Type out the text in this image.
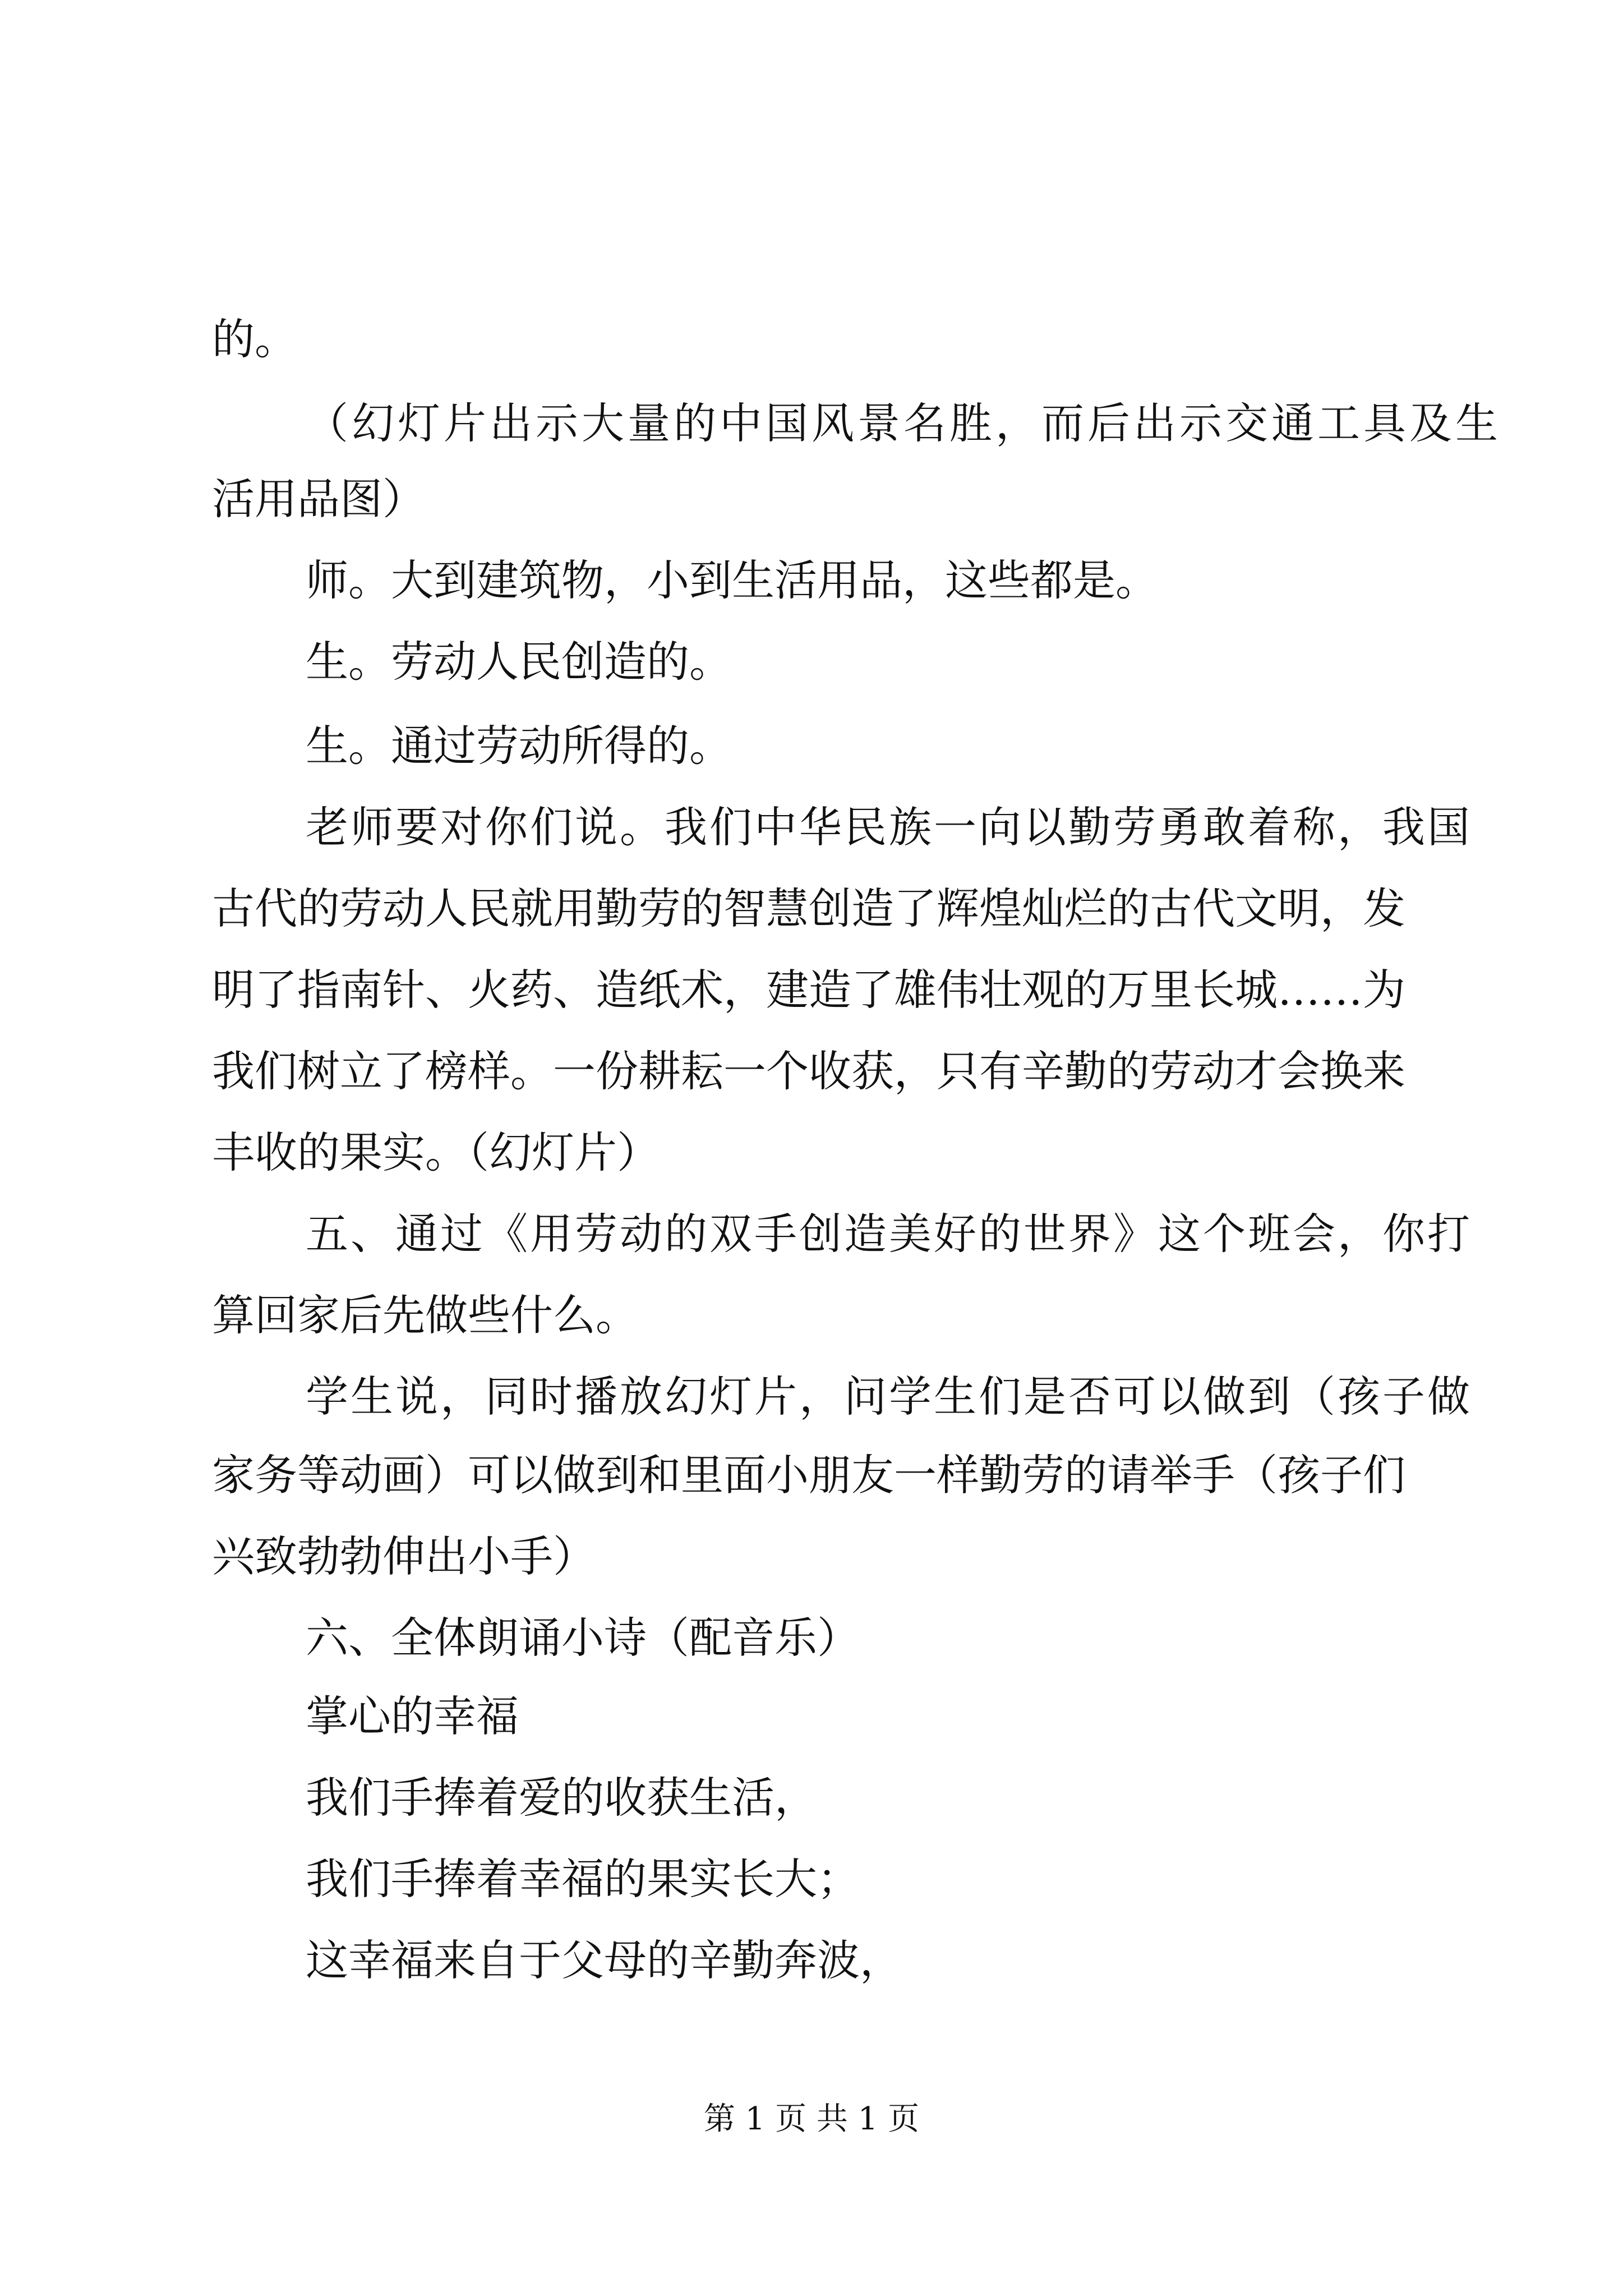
的。
（幻灯片出示大量的中国风景名胜，而后出示交通工具及生
活用品图）
师。大到建筑物，小到生活用品，这些都是。
生。劳动人民创造的。
生。通过劳动所得的。
老师要对你们说。我们中华民族一向以勤劳勇敢着称，我国
古代的劳动人民就用勤劳的智慧创造了辉煌灿烂的古代文明，发
明了指南针、火药、造纸术，建造了雄伟壮观的万里长城……为
我们树立了榜样。一份耕耘一个收获，只有辛勤的劳动才会换来
丰收的果实。（幻灯片）
五、通过《用劳动的双手创造美好的世界》这个班会，你打
算回家后先做些什么。
学生说，同时播放幻灯片，问学生们是否可以做到（孩子做
家务等动画）可以做到和里面小朋友一样勤劳的请举手（孩子们
兴致勃勃伸出小手）
六、全体朗诵小诗（配音乐）
掌心的幸福
我们手捧着爱的收获生活，
我们手捧着幸福的果实长大；
这幸福来自于父母的辛勤奔波，
第 1 页 共 1 页
